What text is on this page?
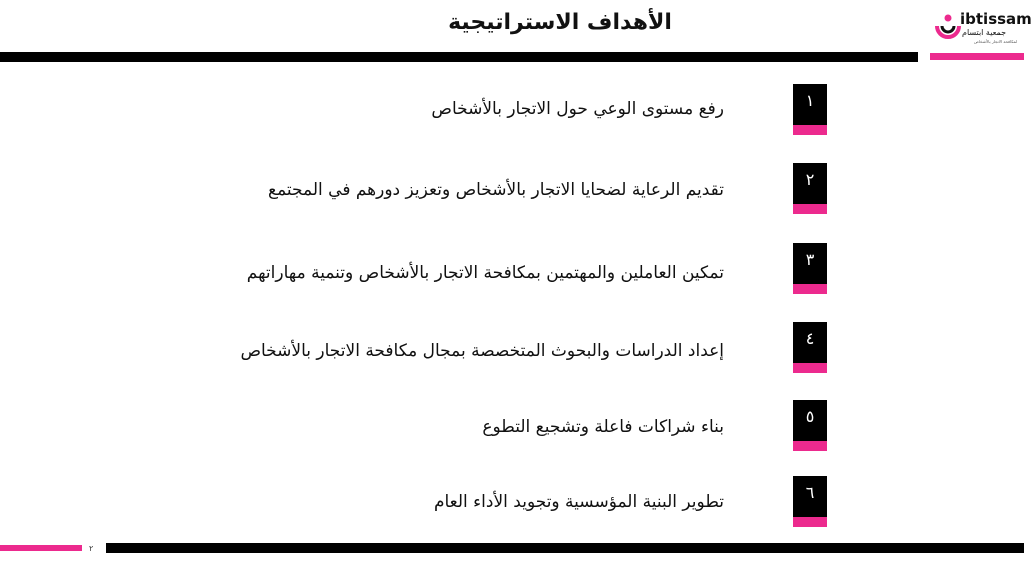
الأهداف الاستراتيجية	ibtissam
جمعية ابتسام
لمكافحة الاتجار بالأشخاص
١
رفع مستوى الوعي حول الاتجار بالأشخاص
٢
تقديم الرعاية لضحايا الاتجار بالأشخاص وتعزيز دورهم في المجتمع
٣
تمكين العاملين والمهتمين بمكافحة الاتجار بالأشخاص وتنمية مهاراتهم
٤
إعداد الدراسات والبحوث المتخصصة بمجال مكافحة الاتجار بالأشخاص
٥
بناء شراكات فاعلة وتشجيع التطوع
٦
تطوير البنية المؤسسية وتجويد الأداء العام
٢
